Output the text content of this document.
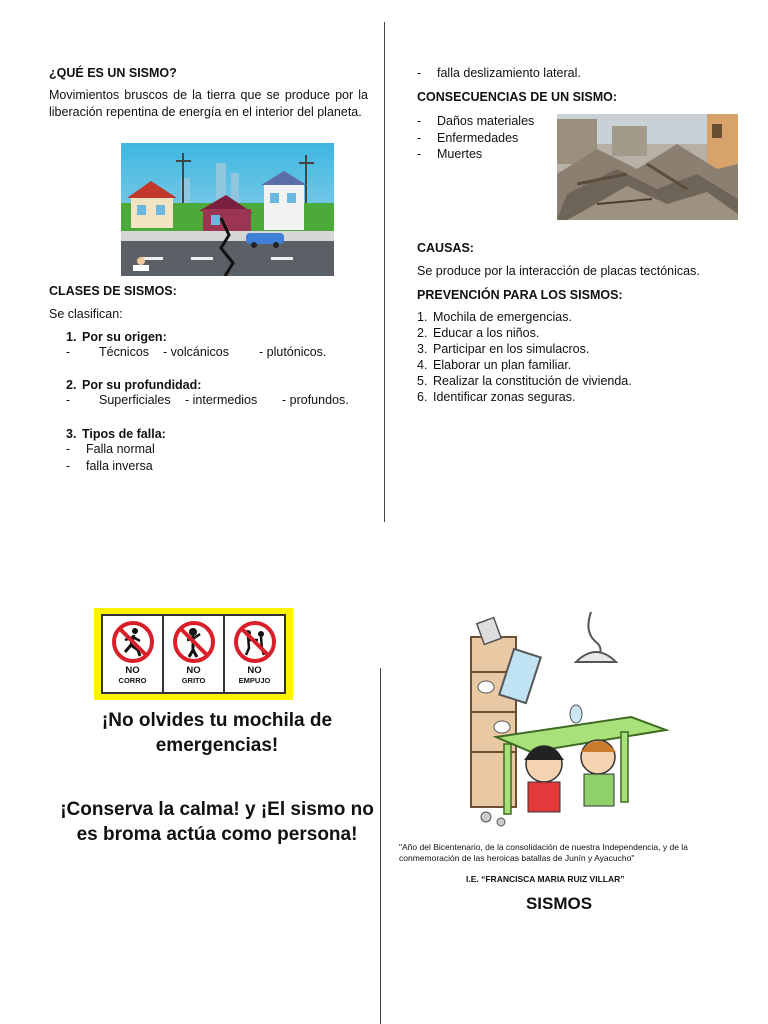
¿QUÉ ES UN SISMO?
Movimientos bruscos de la tierra que se produce por la liberación repentina de energía en el interior del planeta.
CLASES DE SISMOS:
Se clasifican:
1. Por su origen:
-	Técnicos	- volcánicos	- plutónicos.
2. Por su profundidad:
-	Superficiales	- intermedios	- profundos.
3. Tipos de falla:
- Falla normal
- falla inversa
- falla deslizamiento lateral.
CONSECUENCIAS DE UN SISMO:
- Daños materiales
- Enfermedades
- Muertes
CAUSAS:
Se produce por la interacción de placas tectónicas.
PREVENCIÓN PARA LOS SISMOS:
1. Mochila de emergencias.
2. Educar a los niños.
3. Participar en los simulacros.
4. Elaborar un plan familiar.
5. Realizar la constitución de vivienda.
6. Identificar zonas seguras.
NO
CORRO
NO
GRITO
NO
EMPUJO
¡No olvides tu mochila de emergencias!
¡Conserva la calma! y ¡El sismo no es broma actúa como persona!
"Año del Bicentenario, de la consolidación de nuestra Independencia, y de la conmemoración de las heroicas batallas de Junín y Ayacucho"
I.E. “FRANCISCA MARIA RUIZ VILLAR”
SISMOS
